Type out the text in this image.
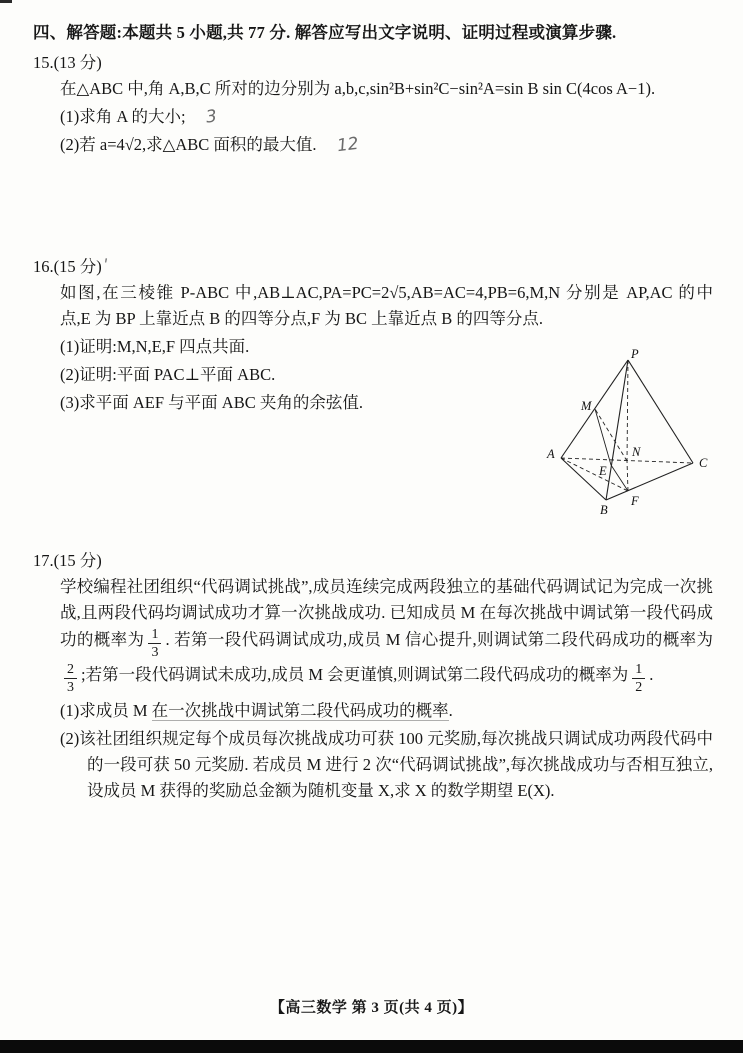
四、解答题:本题共 5 小题,共 77 分. 解答应写出文字说明、证明过程或演算步骤.
15.(13 分)
在△ABC 中,角 A,B,C 所对的边分别为 a,b,c,sin²B+sin²C−sin²A=sin B sin C(4cos A−1).
(1)求角 A 的大小; 3
(2)若 a=4√2,求△ABC 面积的最大值. 12
16.(15 分) ʹ
如图,在三棱锥 P-ABC 中,AB⊥AC,PA=PC=2√5,AB=AC=4,PB=6,M,N 分别是 AP,AC 的中点,E 为 BP 上靠近点 B 的四等分点,F 为 BC 上靠近点 B 的四等分点.
(1)证明:M,N,E,F 四点共面.
(2)证明:平面 PAC⊥平面 ABC.
(3)求平面 AEF 与平面 ABC 夹角的余弦值.
17.(15 分)
学校编程社团组织“代码调试挑战”,成员连续完成两段独立的基础代码调试记为完成一次挑战,且两段代码均调试成功才算一次挑战成功. 已知成员 M 在每次挑战中调试第一段代码成功的概率为 $\frac{1}{3}$ . 若第一段代码调试成功,成员 M 信心提升,则调试第二段代码成功的概率为
$\frac{2}{3}$ ;若第一段代码调试未成功,成员 M 会更谨慎,则调试第二段代码成功的概率为 $\frac{1}{2}$ .
(1)求成员 M 在一次挑战中调试第二段代码成功的概率.
(2)该社团组织规定每个成员每次挑战成功可获 100 元奖励,每次挑战只调试成功两段代码中的一段可获 50 元奖励. 若成员 M 进行 2 次“代码调试挑战”,每次挑战成功与否相互独立,设成员 M 获得的奖励总金额为随机变量 X,求 X 的数学期望 E(X).
P
M
A
B
C
E
F
N
【高三数学 第 3 页(共 4 页)】
